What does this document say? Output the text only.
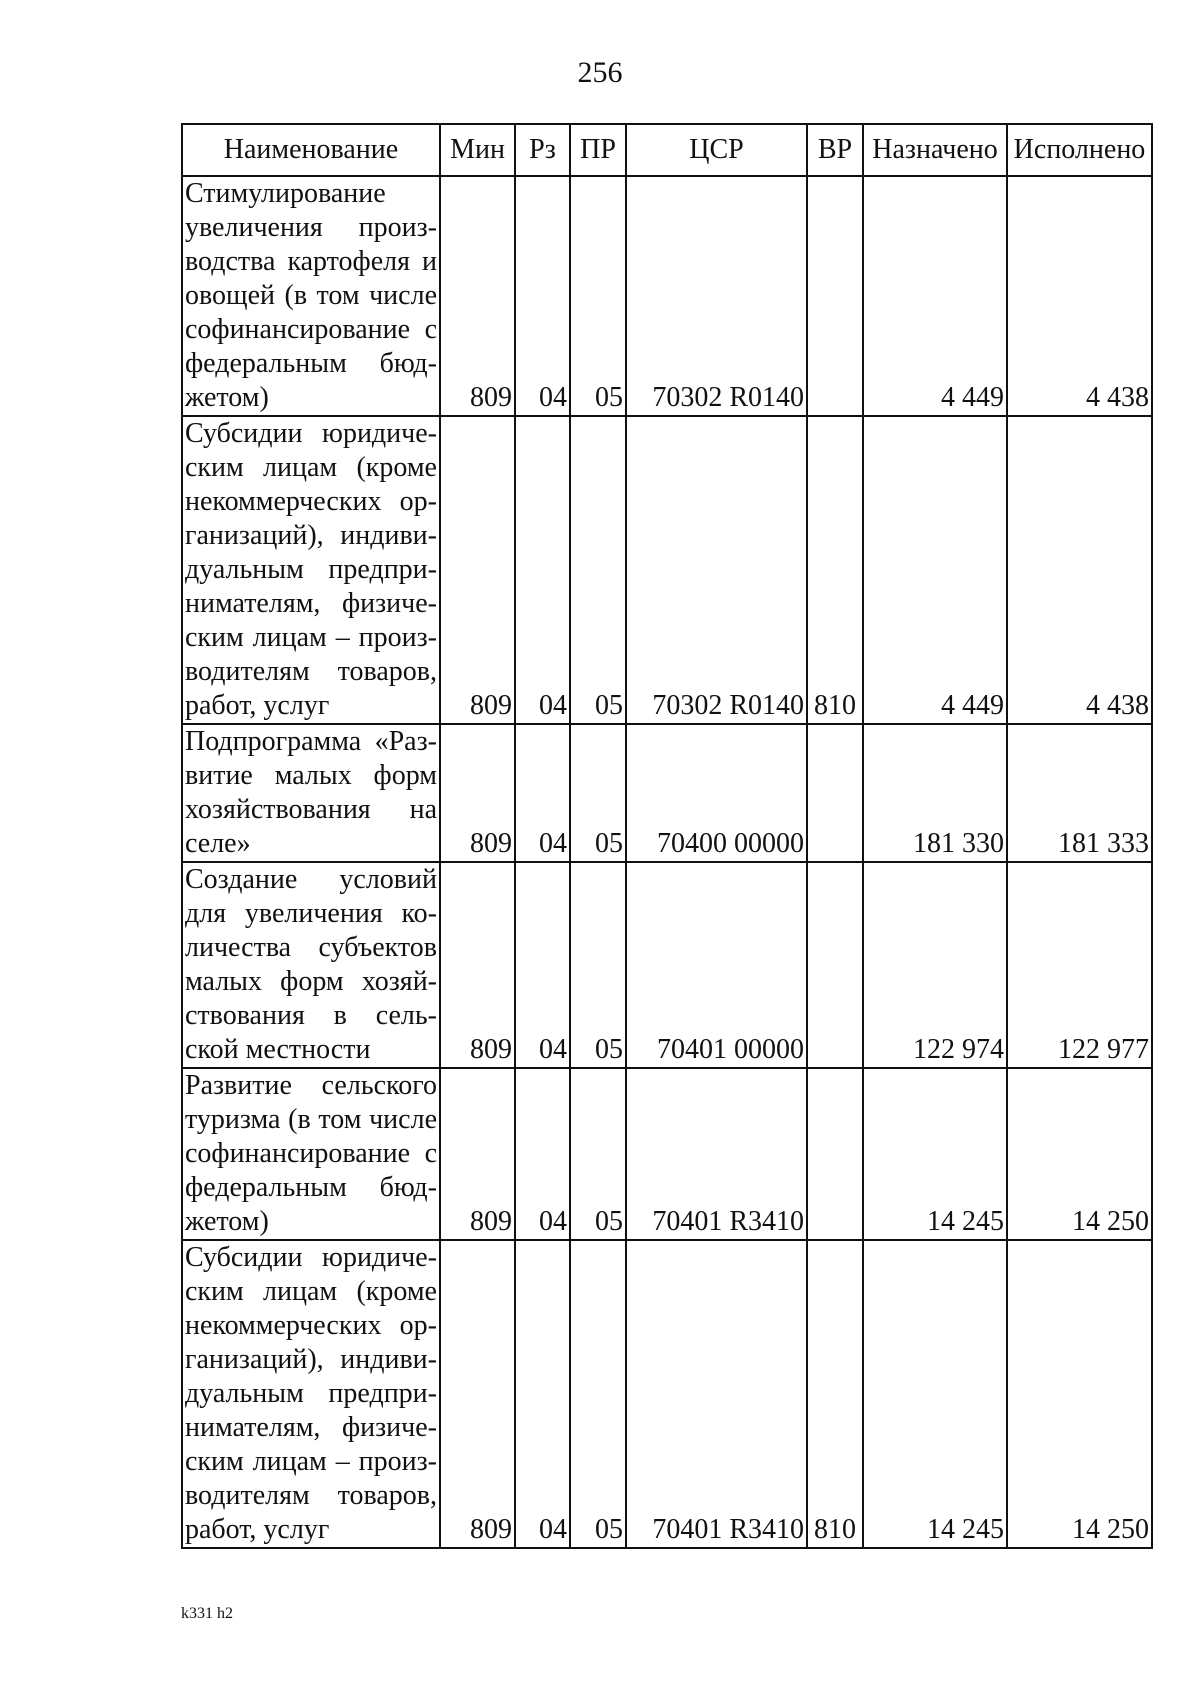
256
Наименование	Мин	Рз	ПР	ЦСР	ВР	Назначено	Исполнено
Стимулирование увеличения производства картофеля и овощей (в том числе софинансирование с федеральным бюджетом)	809	04	05	70302 R0140		4 449	4 438
Субсидии юридическим лицам (кроме некоммерческих организаций), индивидуальным предпринимателям, физическим лицам – производителям товаров, работ, услуг	809	04	05	70302 R0140	810	4 449	4 438
Подпрограмма «Развитие малых форм хозяйствования на селе»	809	04	05	70400 00000		181 330	181 333
Создание условий для увеличения количества субъектов малых форм хозяйствования в сельской местности	809	04	05	70401 00000		122 974	122 977
Развитие сельского туризма (в том числе софинансирование с федеральным бюджетом)	809	04	05	70401 R3410		14 245	14 250
Субсидии юридическим лицам (кроме некоммерческих организаций), индивидуальным предпринимателям, физическим лицам – производителям товаров, работ, услуг	809	04	05	70401 R3410	810	14 245	14 250
k331 h2
